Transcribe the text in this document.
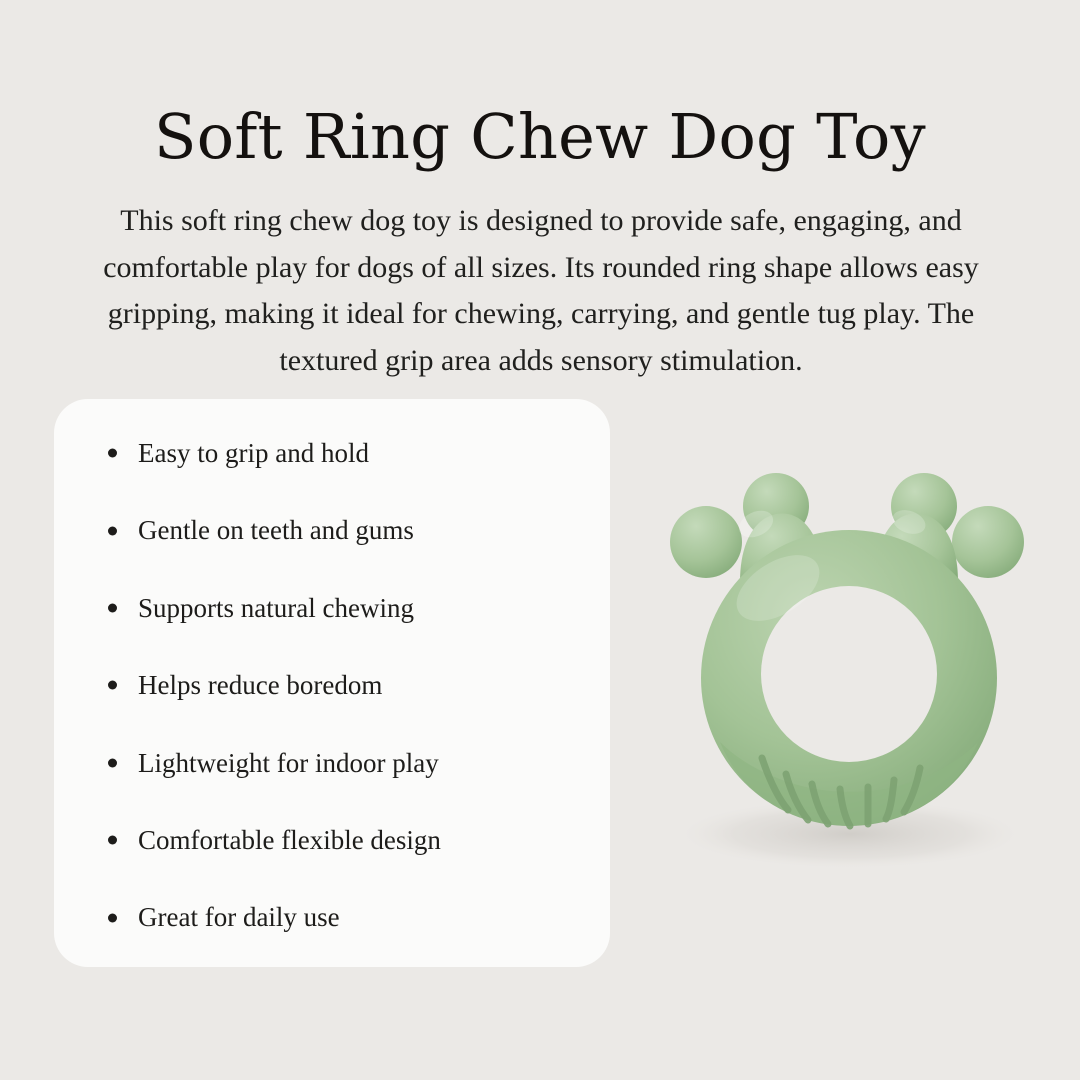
Soft Ring Chew Dog Toy

This soft ring chew dog toy is designed to provide safe, engaging, and comfortable play for dogs of all sizes. Its rounded ring shape allows easy gripping, making it ideal for chewing, carrying, and gentle tug play. The textured grip area adds sensory stimulation.

Easy to grip and hold
Gentle on teeth and gums
Supports natural chewing
Helps reduce boredom
Lightweight for indoor play
Comfortable flexible design
Great for daily use
